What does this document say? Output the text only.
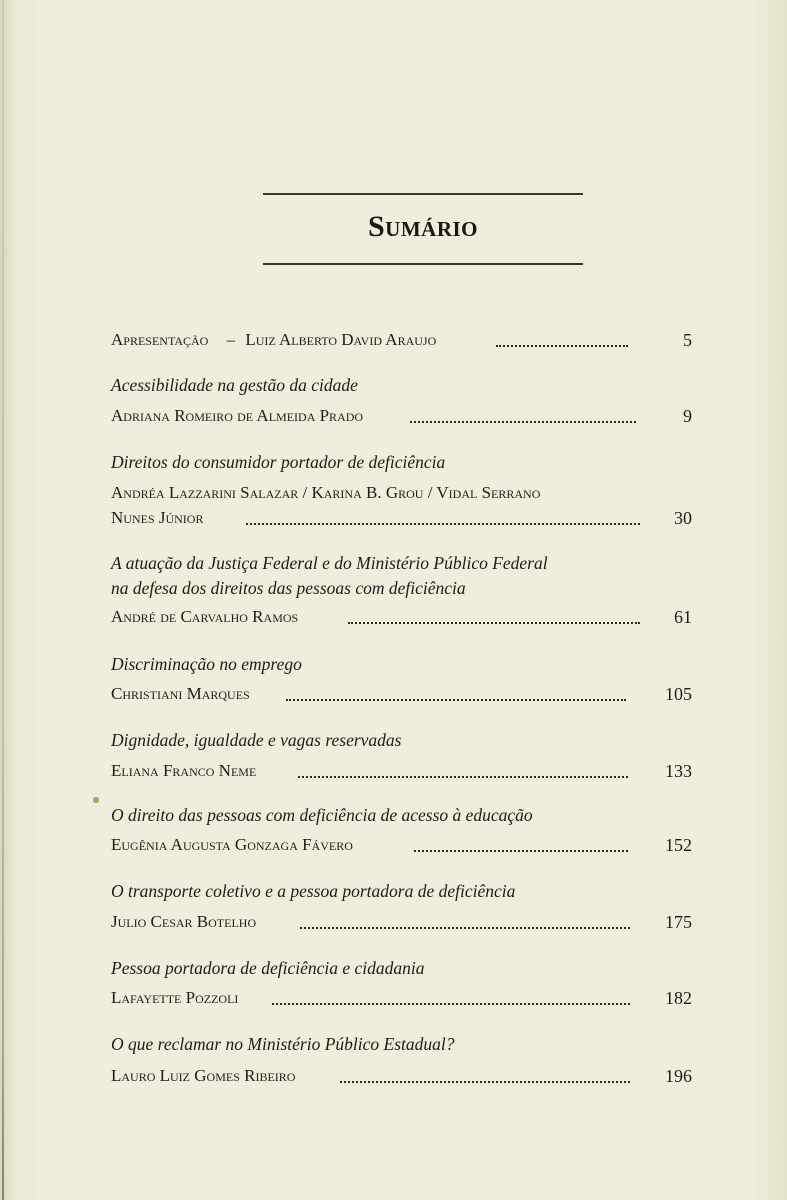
Sumário
Apresentação – Luiz Alberto David Araujo	5
Acessibilidade na gestão da cidade
Adriana Romeiro de Almeida Prado	9
Direitos do consumidor portador de deficiência
Andréa Lazzarini Salazar / Karina B. Grou / Vidal Serrano
Nunes Júnior	30
A atuação da Justiça Federal e do Ministério Público Federal
na defesa dos direitos das pessoas com deficiência
André de Carvalho Ramos	61
Discriminação no emprego
Christiani Marques	105
Dignidade, igualdade e vagas reservadas
Eliana Franco Neme	133
O direito das pessoas com deficiência de acesso à educação
Eugênia Augusta Gonzaga Fávero	152
O transporte coletivo e a pessoa portadora de deficiência
Julio Cesar Botelho	175
Pessoa portadora de deficiência e cidadania
Lafayette Pozzoli	182
O que reclamar no Ministério Público Estadual?
Lauro Luiz Gomes Ribeiro	196
